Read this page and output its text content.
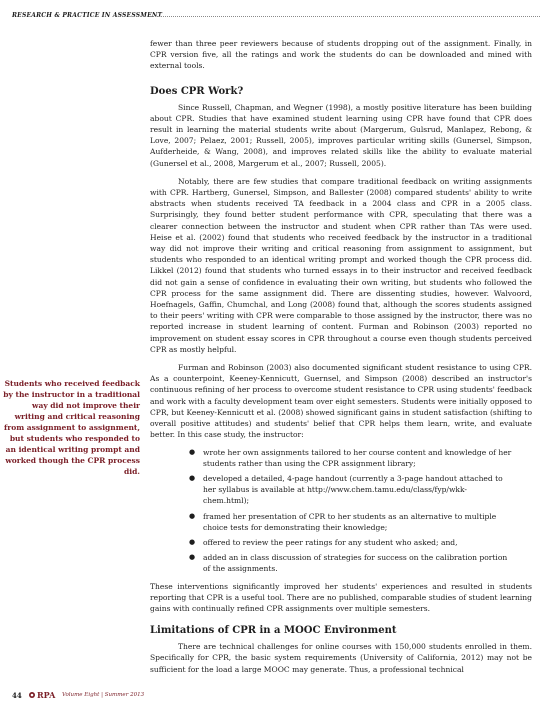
RESEARCH & PRACTICE IN ASSESSMENT
Students who received feedback by the instructor in a traditional way did not improve their writing and critical reasoning from assignment to assignment, but students who responded to an identical writing prompt and worked though the CPR process did.

fewer than three peer reviewers because of students dropping out of the assignment. Finally, in CPR version five, all the ratings and work the students do can be downloaded and mined with external tools.

Does CPR Work?

Since Russell, Chapman, and Wegner (1998), a mostly positive literature has been building about CPR. Studies that have examined student learning using CPR have found that CPR does result in learning the material students write about (Margerum, Gulsrud, Manlapez, Rebong, & Love, 2007; Pelaez, 2001; Russell, 2005), improves particular writing skills (Gunersel, Simpson, Aufderheide, & Wang, 2008), and improves related skills like the ability to evaluate material (Gunersel et al., 2008, Margerum et al., 2007; Russell, 2005).

Notably, there are few studies that compare traditional feedback on writing assignments with CPR. Hartberg, Gunersel, Simpson, and Ballester (2008) compared students' ability to write abstracts when students received TA feedback in a 2004 class and CPR in a 2005 class. Surprisingly, they found better student performance with CPR, speculating that there was a clearer connection between the instructor and student when CPR rather than TAs were used. Heise et al. (2002) found that students who received feedback by the instructor in a traditional way did not improve their writing and critical reasoning from assignment to assignment, but students who responded to an identical writing prompt and worked though the CPR process did. Likkel (2012) found that students who turned essays in to their instructor and received feedback did not gain a sense of confidence in evaluating their own writing, but students who followed the CPR process for the same assignment did. There are dissenting studies, however. Walvoord, Hoefnagels, Gaffin, Chumchal, and Long (2008) found that, although the scores students assigned to their peers' writing with CPR were comparable to those assigned by the instructor, there was no reported increase in student learning of content. Furman and Robinson (2003) reported no improvement on student essay scores in CPR throughout a course even though students perceived CPR as mostly helpful.

Furman and Robinson (2003) also documented significant student resistance to using CPR. As a counterpoint, Keeney-Kennicutt, Guernsel, and Simpson (2008) described an instructor's continuous refining of her process to overcome student resistance to CPR using students' feedback and work with a faculty development team over eight semesters. Students were initially opposed to CPR, but Keeney-Kennicutt et al. (2008) showed significant gains in student satisfaction (shifting to overall positive attitudes) and students' belief that CPR helps them learn, write, and evaluate better. In this case study, the instructor:

● wrote her own assignments tailored to her course content and knowledge of her students rather than using the CPR assignment library;
● developed a detailed, 4-page handout (currently a 3-page handout attached to her syllabus is available at http://www.chem.tamu.edu/class/fyp/wkk-chem.html);
● framed her presentation of CPR to her students as an alternative to multiple choice tests for demonstrating their knowledge;
● offered to review the peer ratings for any student who asked; and,
● added an in class discussion of strategies for success on the calibration portion of the assignments.

These interventions significantly improved her students' experiences and resulted in students reporting that CPR is a useful tool. There are no published, comparable studies of student learning gains with continually refined CPR assignments over multiple semesters.

Limitations of CPR in a MOOC Environment

There are technical challenges for online courses with 150,000 students enrolled in them. Specifically for CPR, the basic system requirements (University of California, 2012) may not be sufficient for the load a large MOOC may generate. Thus, a professional technical

44 RPA Volume Eight | Summer 2013
